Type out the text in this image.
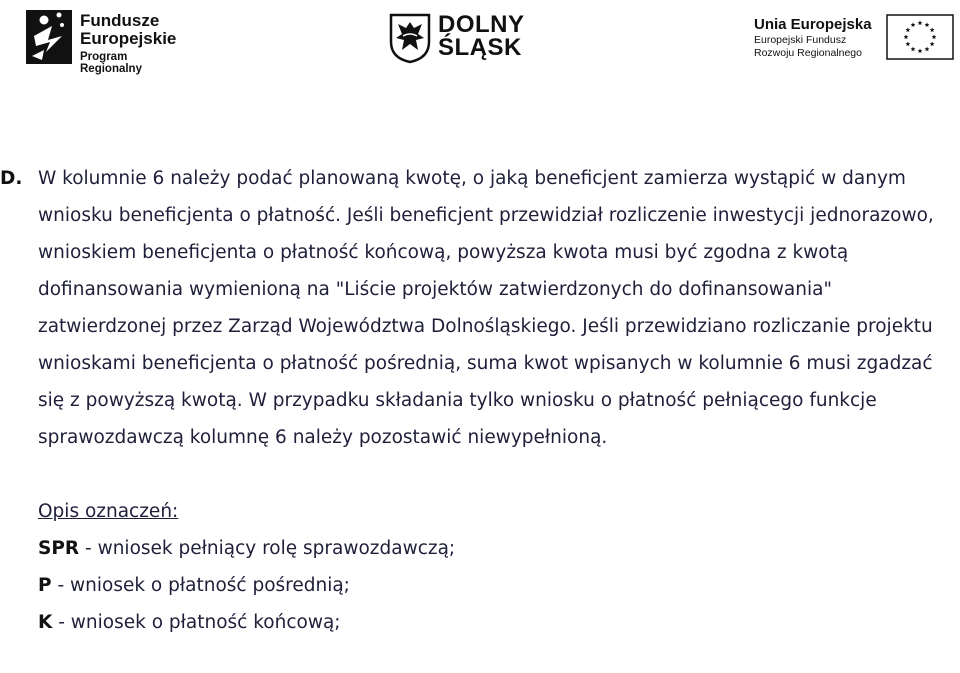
Fundusze
Europejskie
Program Regionalny
DOLNY
ŚLĄSK
Unia Europejska
Europejski Fundusz
Rozwoju Regionalnego

D. W kolumnie 6 należy podać planowaną kwotę, o jaką beneficjent zamierza wystąpić w danym wniosku beneficjenta o płatność. Jeśli beneficjent przewidział rozliczenie inwestycji jednorazowo, wnioskiem beneficjenta o płatność końcową, powyższa kwota musi być zgodna z kwotą dofinansowania wymienioną na "Liście projektów zatwierdzonych do dofinansowania" zatwierdzonej przez Zarząd Województwa Dolnośląskiego. Jeśli przewidziano rozliczanie projektu wnioskami beneficjenta o płatność pośrednią, suma kwot wpisanych w kolumnie 6 musi zgadzać się z powyższą kwotą. W przypadku składania tylko wniosku o płatność pełniącego funkcje sprawozdawczą kolumnę 6 należy pozostawić niewypełnioną.

Opis oznaczeń:
SPR - wniosek pełniący rolę sprawozdawczą;
P - wniosek o płatność pośrednią;
K - wniosek o płatność końcową;
